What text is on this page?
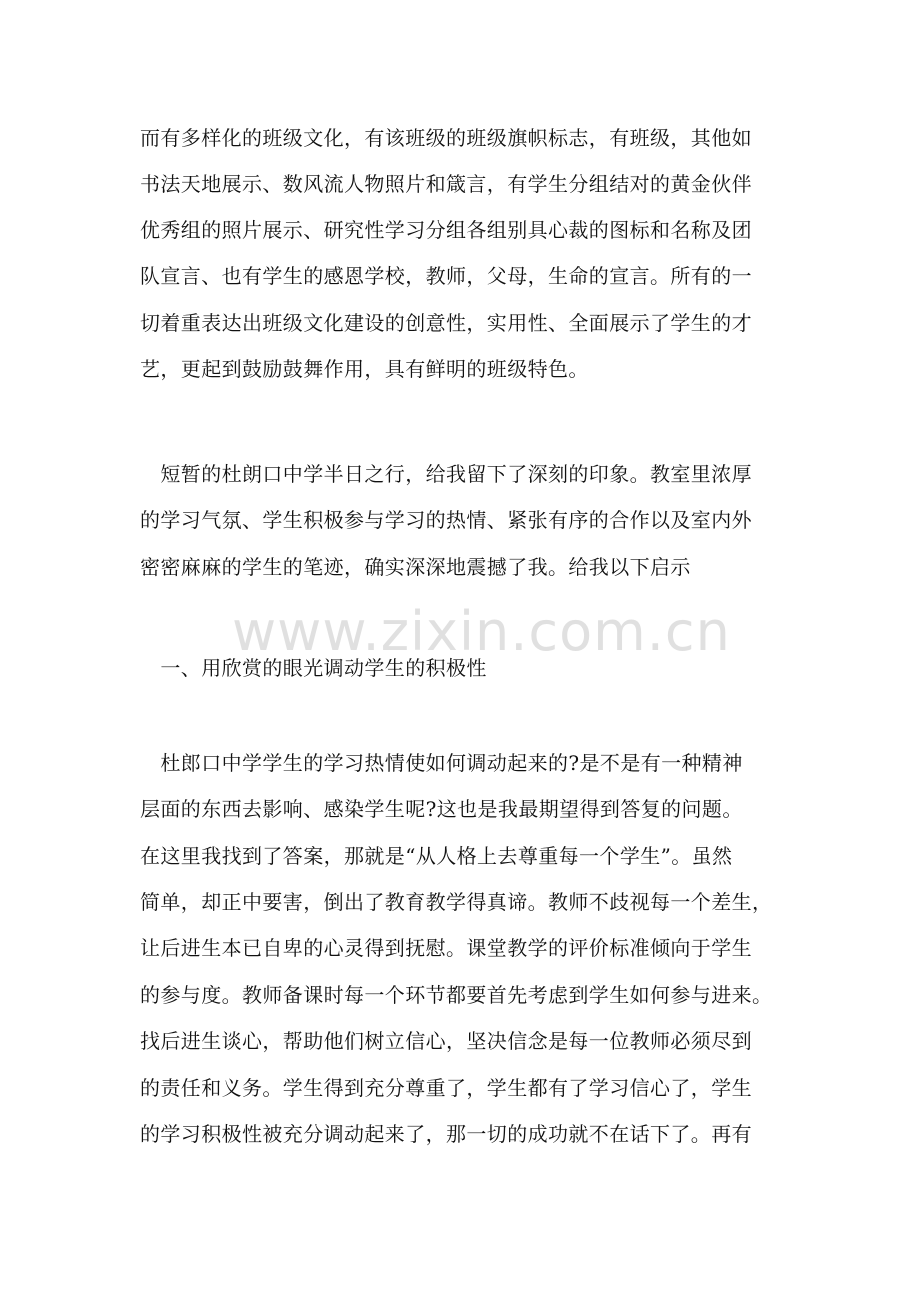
而有多样化的班级文化，有该班级的班级旗帜标志，有班级，其他如
书法天地展示、数风流人物照片和箴言，有学生分组结对的黄金伙伴
优秀组的照片展示、研究性学习分组各组别具心裁的图标和名称及团
队宣言、也有学生的感恩学校，教师，父母，生命的宣言。所有的一
切着重表达出班级文化建设的创意性，实用性、全面展示了学生的才
艺，更起到鼓励鼓舞作用，具有鲜明的班级特色。
　短暂的杜朗口中学半日之行，给我留下了深刻的印象。教室里浓厚
的学习气氛、学生积极参与学习的热情、紧张有序的合作以及室内外
密密麻麻的学生的笔迹，确实深深地震撼了我。给我以下启示
www.zixin.com.cn
　一、用欣赏的眼光调动学生的积极性
　杜郎口中学学生的学习热情使如何调动起来的?是不是有一种精神
层面的东西去影响、感染学生呢?这也是我最期望得到答复的问题。
在这里我找到了答案，那就是“从人格上去尊重每一个学生”。虽然
简单，却正中要害，倒出了教育教学得真谛。教师不歧视每一个差生，
让后进生本已自卑的心灵得到抚慰。课堂教学的评价标准倾向于学生
的参与度。教师备课时每一个环节都要首先考虑到学生如何参与进来。
找后进生谈心，帮助他们树立信心，坚决信念是每一位教师必须尽到
的责任和义务。学生得到充分尊重了，学生都有了学习信心了，学生
的学习积极性被充分调动起来了，那一切的成功就不在话下了。再有
